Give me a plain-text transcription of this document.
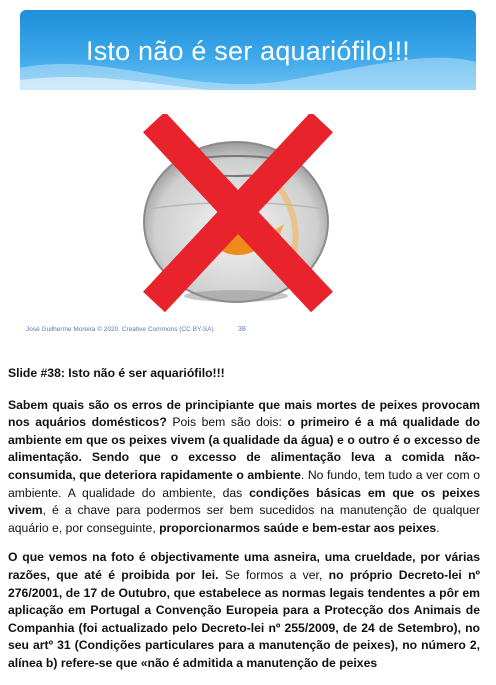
Isto não é ser aquariófilo!!!
José Guilherme Moreira © 2020. Creative Commons (CC BY-SA)	38
Slide #38: Isto não é ser aquariófilo!!!

Sabem quais são os erros de principiante que mais mortes de peixes provocam nos aquários domésticos? Pois bem são dois: o primeiro é a má qualidade do ambiente em que os peixes vivem (a qualidade da água) e o outro é o excesso de alimentação. Sendo que o excesso de alimentação leva a comida não-consumida, que deteriora rapidamente o ambiente. No fundo, tem tudo a ver com o ambiente. A qualidade do ambiente, das condições básicas em que os peixes vivem, é a chave para podermos ser bem sucedidos na manutenção de qualquer aquário e, por conseguinte, proporcionarmos saúde e bem-estar aos peixes.

O que vemos na foto é objectivamente uma asneira, uma crueldade, por várias razões, que até é proibida por lei. Se formos a ver, no próprio Decreto-lei nº 276/2001, de 17 de Outubro, que estabelece as normas legais tendentes a pôr em aplicação em Portugal a Convenção Europeia para a Protecção dos Animais de Companhia (foi actualizado pelo Decreto-lei nº 255/2009, de 24 de Setembro), no seu artº 31 (Condições particulares para a manutenção de peixes), no número 2, alínea b) refere-se que «não é admitida a manutenção de peixes
